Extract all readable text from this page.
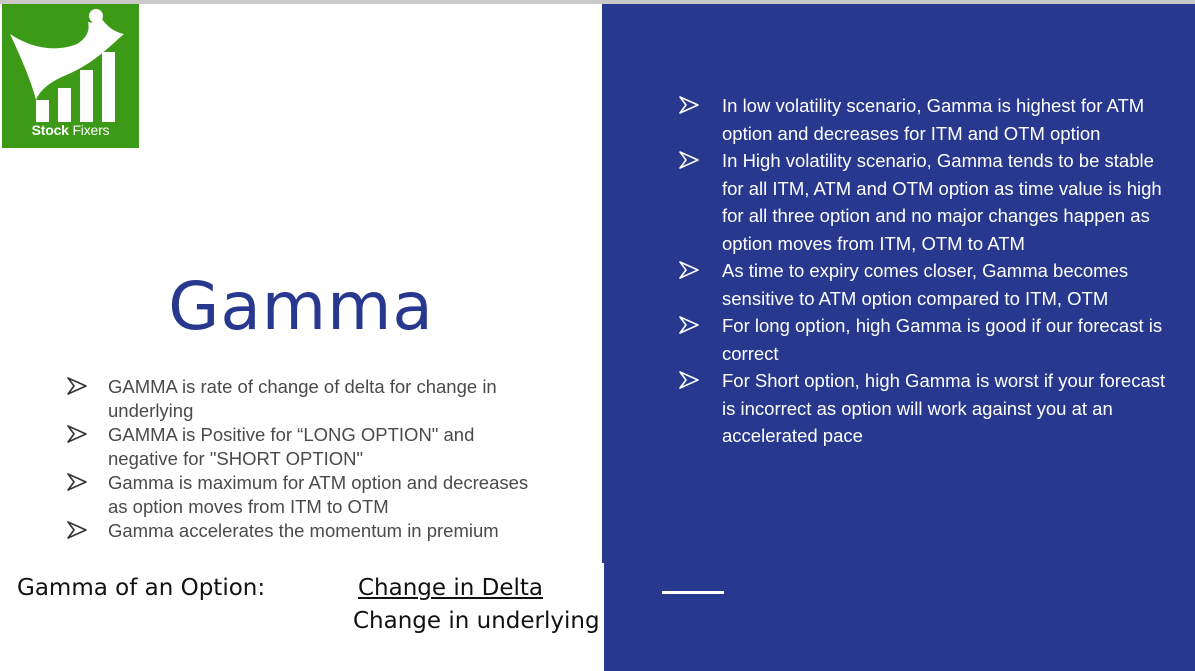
Stock Fixers
Gamma
GAMMA is rate of change of delta for change in underlying
GAMMA is Positive for “LONG OPTION" and negative for "SHORT OPTION"
Gamma is maximum for ATM option and decreases as option moves from ITM to OTM
Gamma accelerates the momentum in premium
In low volatility scenario, Gamma is highest for ATM option and decreases for ITM and OTM option
In High volatility scenario, Gamma tends to be stable for all ITM, ATM and OTM option as time value is high for all three option and no major changes happen as option moves from ITM, OTM to ATM
As time to expiry comes closer, Gamma becomes sensitive to ATM option compared to ITM, OTM
For long option, high Gamma is good if our forecast is correct
For Short option, high Gamma is worst if your forecast is incorrect as option will work against you at an accelerated pace
Gamma of an Option:	Change in Delta
Change in underlying
